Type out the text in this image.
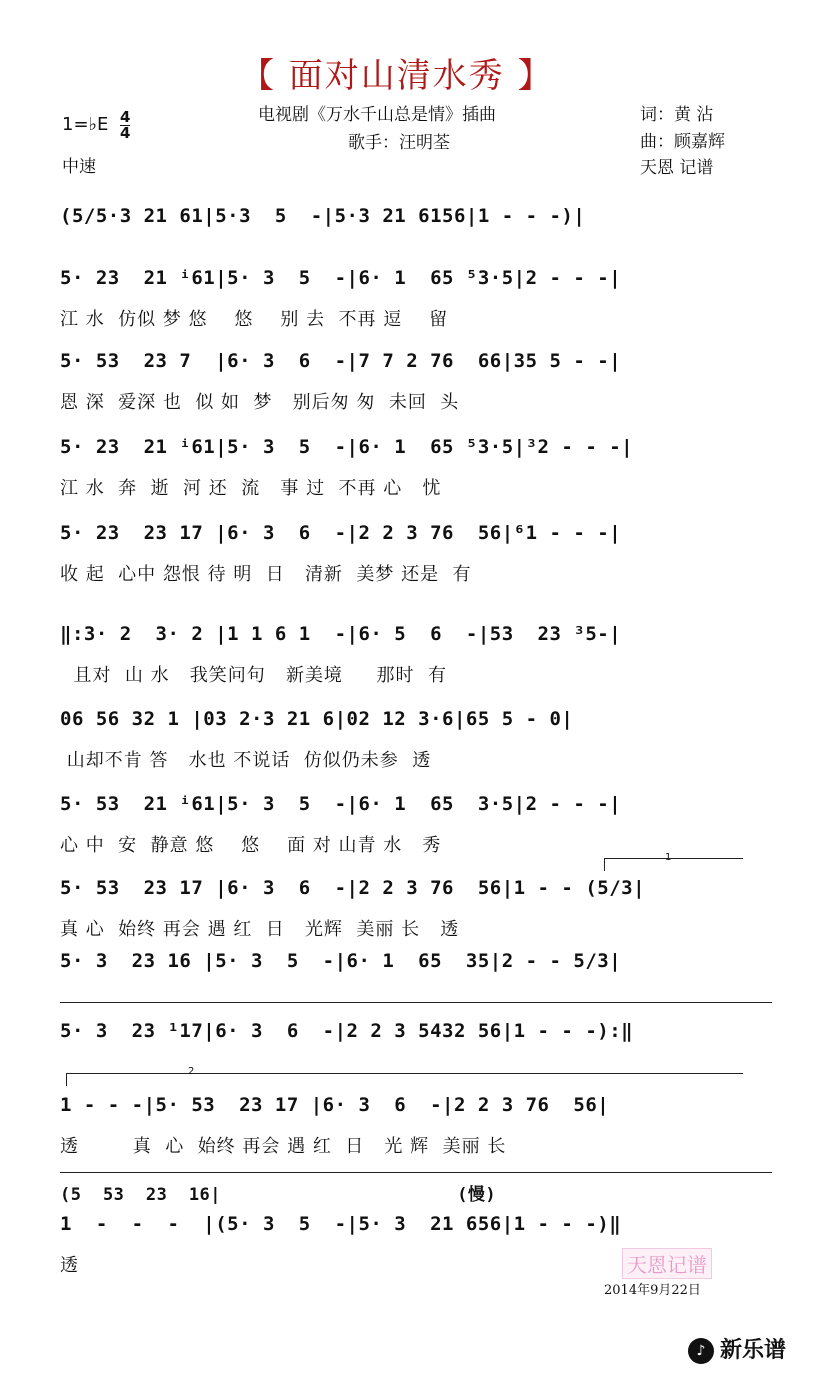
【 面对山清水秀 】
电视剧《万水千山总是情》插曲
歌手：汪明荃
词：黄 沾
曲：顾嘉辉
天恩 记谱
1=♭E 4
4
中速
(5/5·3 21 61|5·3  5  -|5·3 21 6156|1 - - -)|
5· 23  21 ⁱ61|5· 3  5  -|6· 1  65 ⁵3·5|2 - - -|
江 水  仿似 梦 悠    悠    别 去  不再 逗    留
5· 53  23 7  |6· 3  6  -|7 7 2 76  66|35 5 - -|
恩 深  爱深 也  似 如  梦   别后匆 匆  未回  头
5· 23  21 ⁱ61|5· 3  5  -|6· 1  65 ⁵3·5|³2 - - -|
江 水  奔  逝  河 还  流   事 过  不再 心   忧
5· 23  23 17 |6· 3  6  -|2 2 3 76  56|⁶1 - - -|
收 起  心中 怨恨 待 明  日   清新  美梦 还是  有
‖:3· 2  3· 2 |1 1 6 1  -|6· 5  6  -|53  23 ³5-|
且对  山 水   我笑问句   新美境     那时  有
06 56 32 1 |03 2·3 21 6|02 12 3·6|65 5 - 0|
山却不肯 答   水也 不说话  仿似仍未参  透
5· 53  21 ⁱ61|5· 3  5  -|6· 1  65  3·5|2 - - -|
心 中  安  静意 悠    悠    面 对 山青 水   秀
1
5· 53  23 17 |6· 3  6  -|2 2 3 76  56|1 - - (5/3|
真 心  始终 再会 遇 红  日   光辉  美丽 长   透
5· 3  23 16 |5· 3  5  -|6· 1  65  35|2 - - 5/3|
5· 3  23 ¹17|6· 3  6  -|2 2 3 5432 56|1 - - -):‖
2
1 - - -|5· 53  23 17 |6· 3  6  -|2 2 3 76  56|
透        真  心  始终 再会 遇 红  日   光 辉  美丽 长
(5  53  23  16|                      (慢)
1  -  -  -  |(5· 3  5  -|5· 3  21 656|1 - - -)‖
透	天恩记谱
2014年9月22日
♪ 新乐谱
